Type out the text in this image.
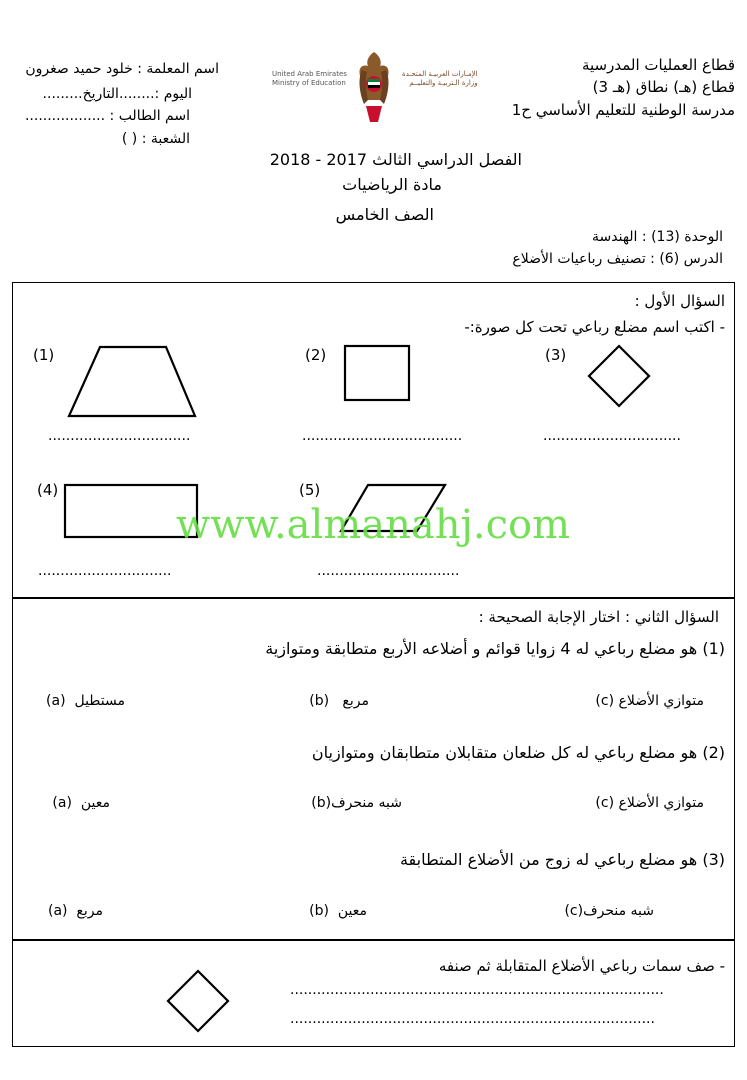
قطاع العمليات المدرسية
قطاع (هـ) نطاق (هـ 3)
مدرسة الوطنية للتعليم الأساسي ح1
United Arab Emirates
Ministry of Education
الإمـارات العربيـة المتحـدة
وزارة الـتربيـة والتعليــم
اسم المعلمة : خلود حميد صغرون
اليوم :........التاريخ.........
اسم الطالب : ..................
الشعبة : ( )
الفصل الدراسي الثالث 2017 - 2018
مادة الرياضيات
الصف الخامس
الوحدة (13) : الهندسة
الدرس (6) : تصنيف رباعيات الأضلاع
السؤال الأول :
- اكتب اسم مضلع رباعي تحت كل صورة:-
(1)
................................
(2)
....................................
(3)
...............................
(4)
..............................
(5)
................................
www.almanahj.com
السؤال الثاني : اختار الإجابة الصحيحة :
(1) هو مضلع رباعي له 4 زوايا قوائم و أضلاعه الأربع متطابقة ومتوازية
متوازي الأضلاع (c)
مربع   (b)
مستطيل  (a)
(2) هو مضلع رباعي له كل ضلعان متقابلان متطابقان ومتوازيان
متوازي الأضلاع (c)
شبه منحرف(b)
معين  (a)
(3) هو مضلع رباعي له زوج من الأضلاع المتطابقة
شبه منحرف(c)
معين  (b)
مربع  (a)
- صف سمات رباعي الأضلاع المتقابلة ثم صنفه
....................................................................................
..................................................................................
